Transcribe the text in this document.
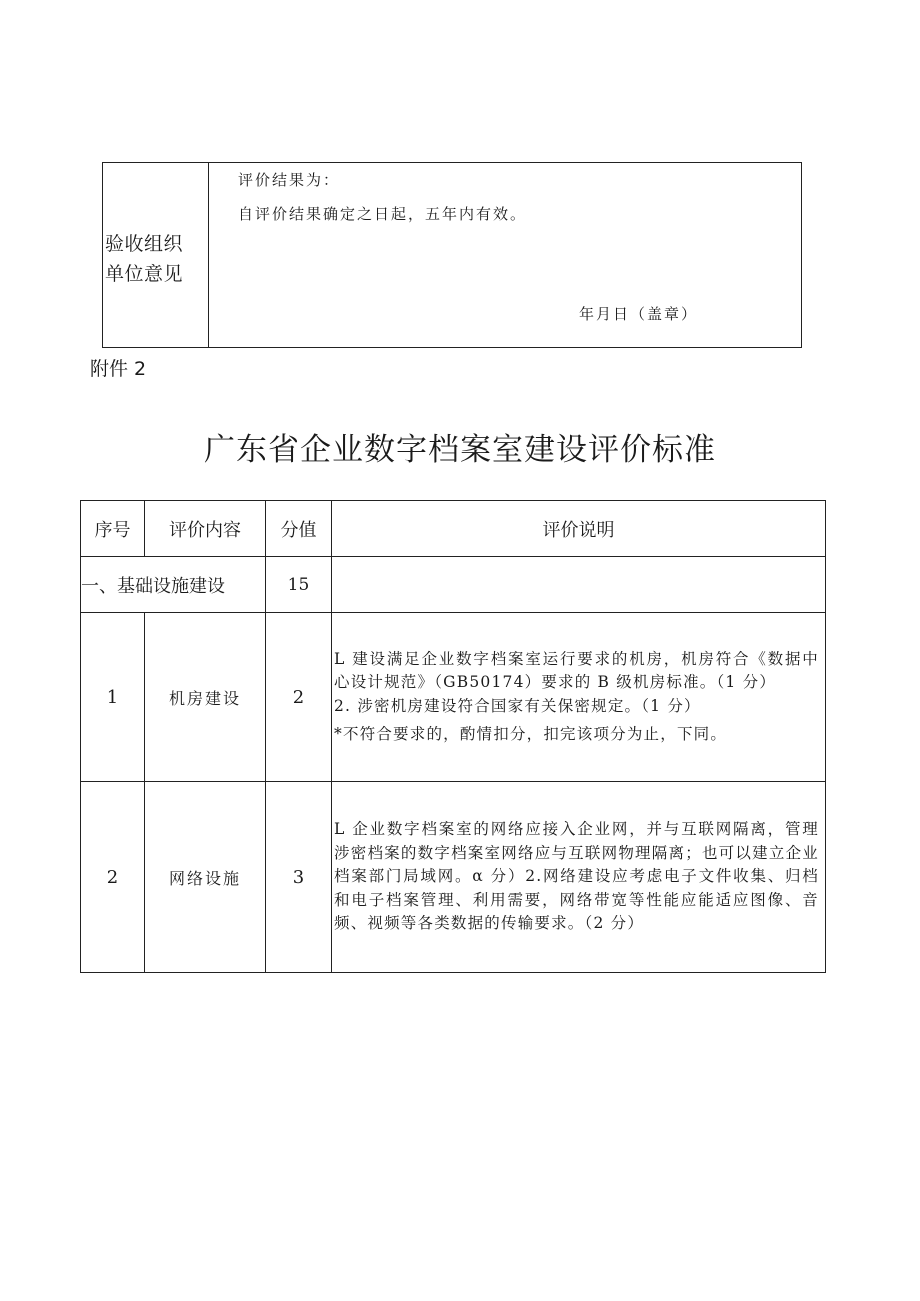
验收组织
单位意见
评价结果为：
自评价结果确定之日起，五年内有效。
年月日（盖章）
附件 2
广东省企业数字档案室建设评价标准
序号	评价内容	分值	评价说明
一、基础设施建设		15	
1	机房建设	2	L 建设满足企业数字档案室运行要求的机房，机房符合《数据中心设计规范》（GB50174）要求的 B 级机房标准。（1 分）

2. 涉密机房建设符合国家有关保密规定。（1 分）

*不符合要求的，酌情扣分，扣完该项分为止，下同。

2	网络设施	3	L 企业数字档案室的网络应接入企业网，并与互联网隔离，管理涉密档案的数字档案室网络应与互联网物理隔离；也可以建立企业档案部门局域网。α 分）2.网络建设应考虑电子文件收集、归档和电子档案管理、利用需要，网络带宽等性能应能适应图像、音频、视频等各类数据的传输要求。（2 分）
